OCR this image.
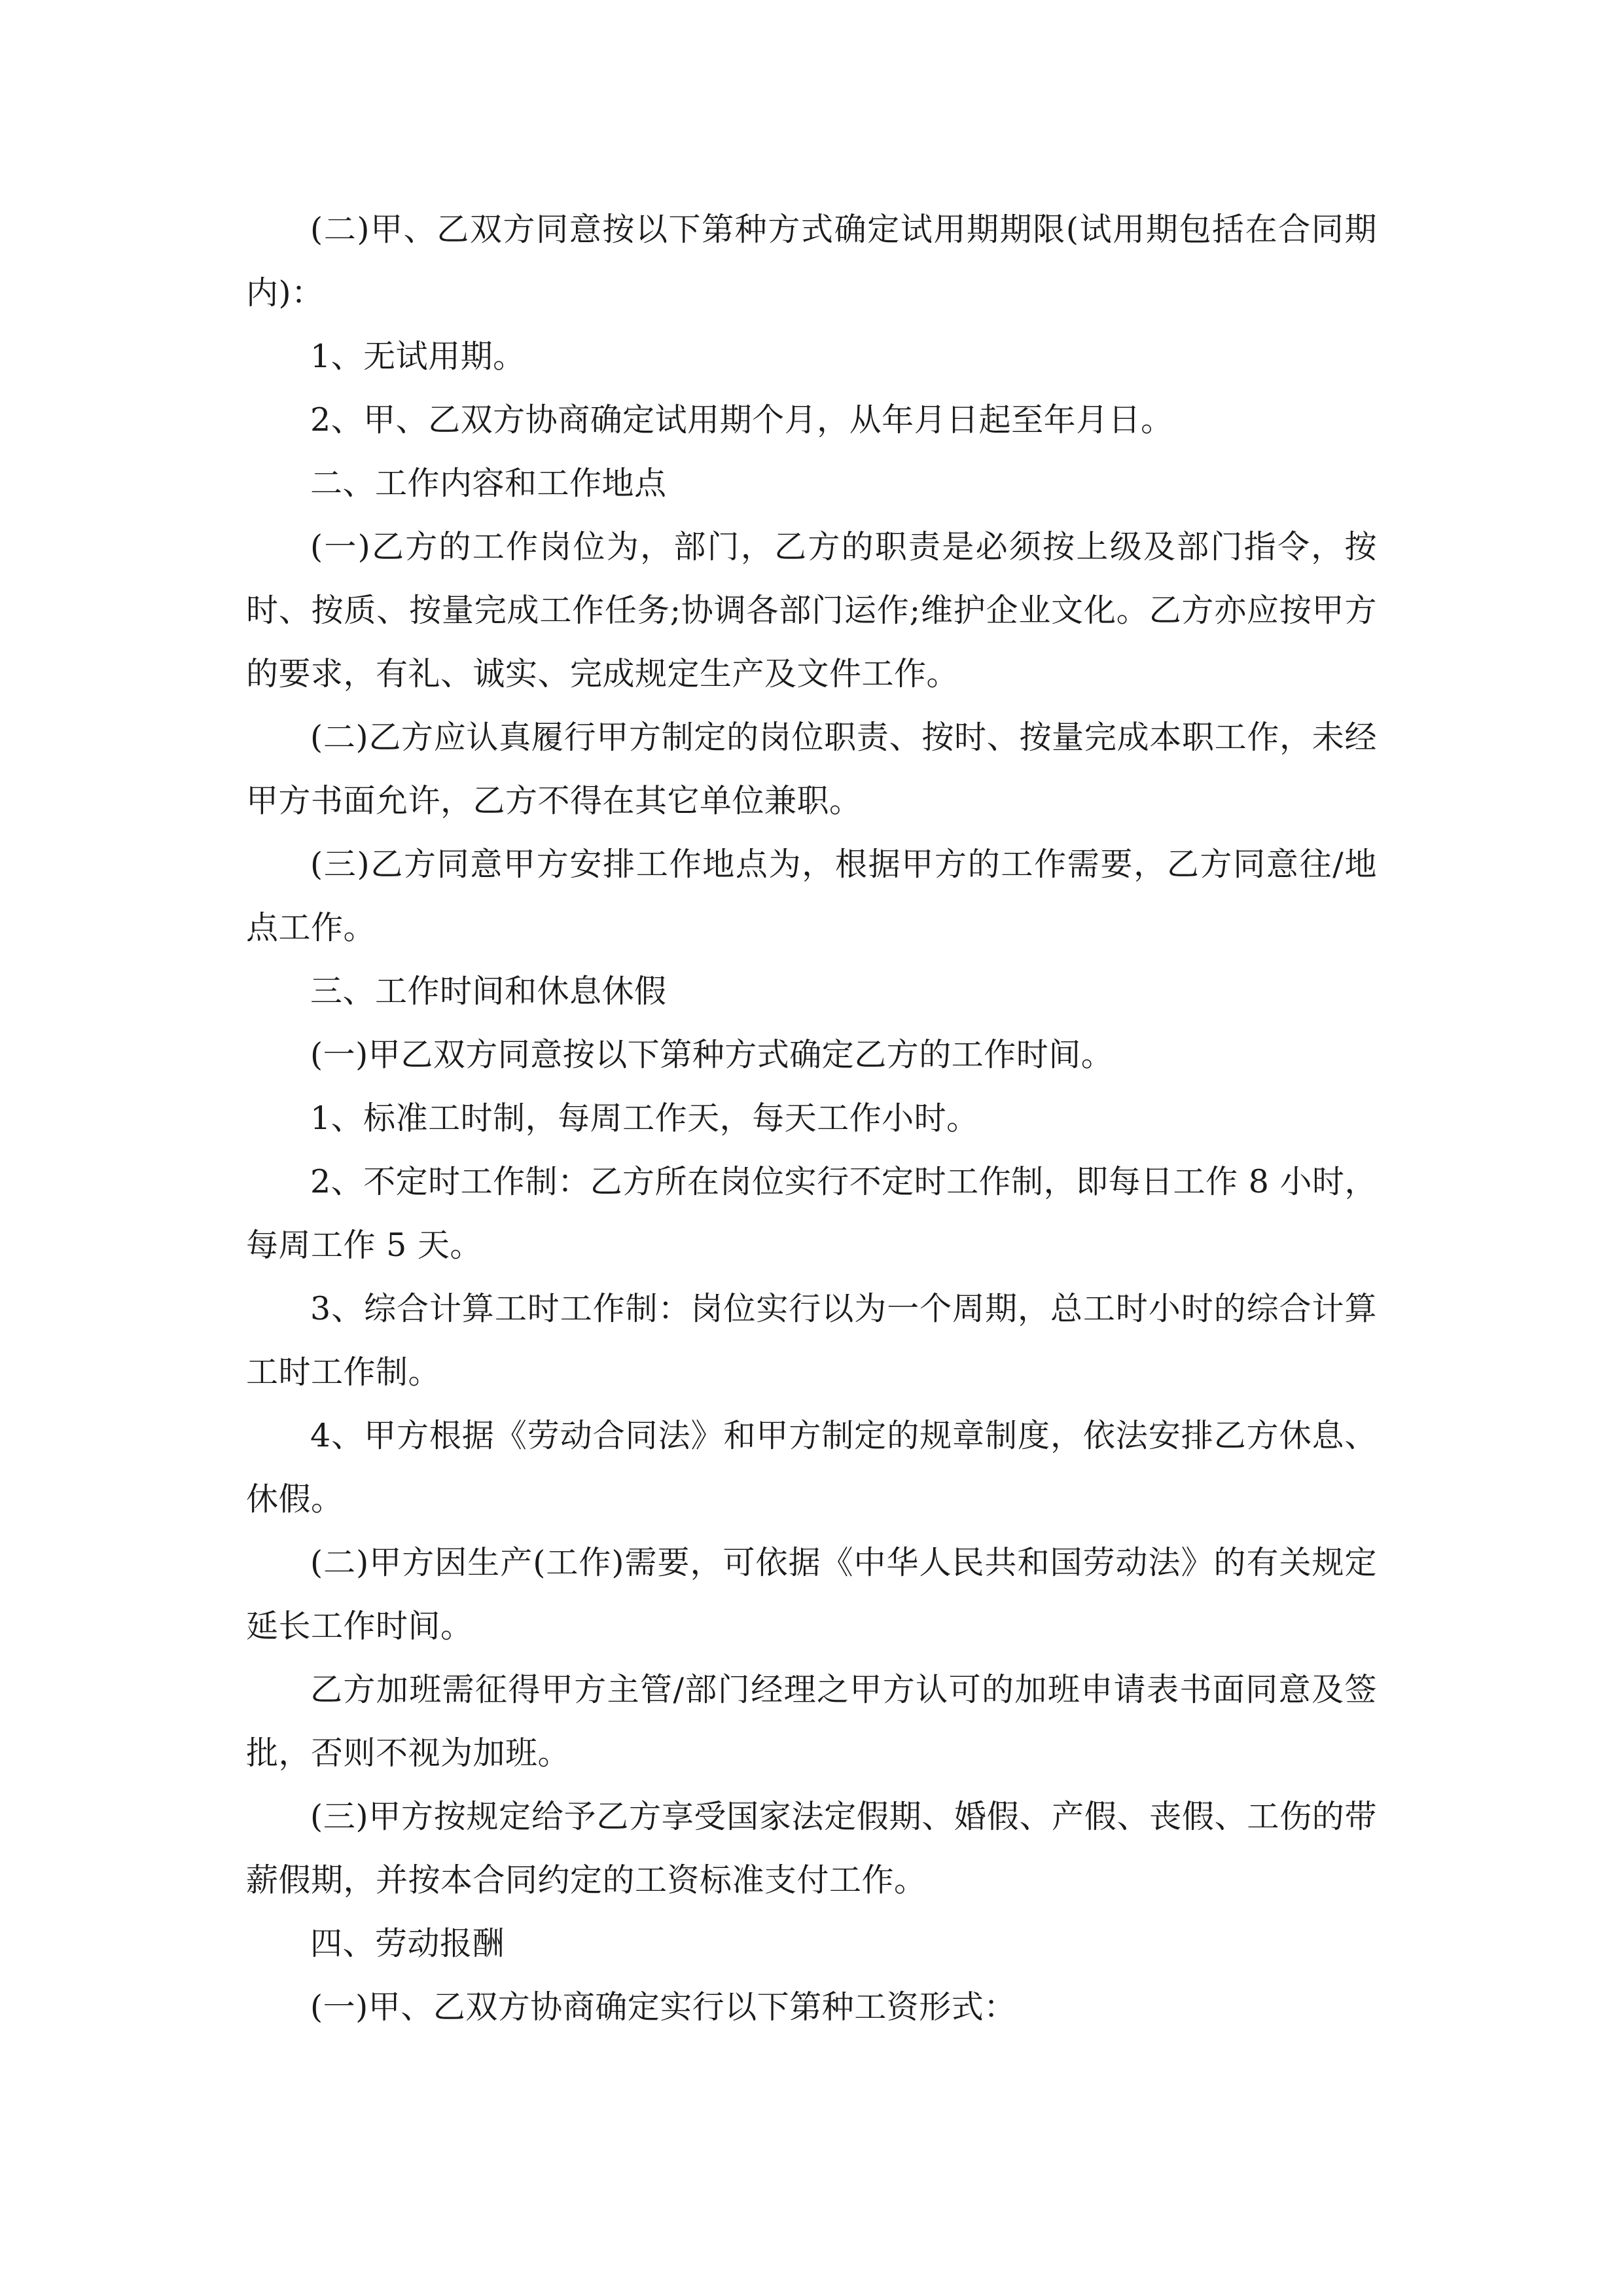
(二)甲、乙双方同意按以下第种方式确定试用期期限(试用期包括在合同期内)：

1、无试用期。

2、甲、乙双方协商确定试用期个月，从年月日起至年月日。

二、工作内容和工作地点

(一)乙方的工作岗位为，部门，乙方的职责是必须按上级及部门指令，按时、按质、按量完成工作任务;协调各部门运作;维护企业文化。乙方亦应按甲方的要求，有礼、诚实、完成规定生产及文件工作。

(二)乙方应认真履行甲方制定的岗位职责、按时、按量完成本职工作，未经甲方书面允许，乙方不得在其它单位兼职。

(三)乙方同意甲方安排工作地点为，根据甲方的工作需要，乙方同意往/地点工作。

三、工作时间和休息休假

(一)甲乙双方同意按以下第种方式确定乙方的工作时间。

1、标准工时制，每周工作天，每天工作小时。

2、不定时工作制：乙方所在岗位实行不定时工作制，即每日工作 8 小时，每周工作 5 天。

3、综合计算工时工作制：岗位实行以为一个周期，总工时小时的综合计算工时工作制。

4、甲方根据《劳动合同法》和甲方制定的规章制度，依法安排乙方休息、休假。

(二)甲方因生产(工作)需要，可依据《中华人民共和国劳动法》的有关规定延长工作时间。

乙方加班需征得甲方主管/部门经理之甲方认可的加班申请表书面同意及签批，否则不视为加班。

(三)甲方按规定给予乙方享受国家法定假期、婚假、产假、丧假、工伤的带薪假期，并按本合同约定的工资标准支付工作。

四、劳动报酬

(一)甲、乙双方协商确定实行以下第种工资形式：
